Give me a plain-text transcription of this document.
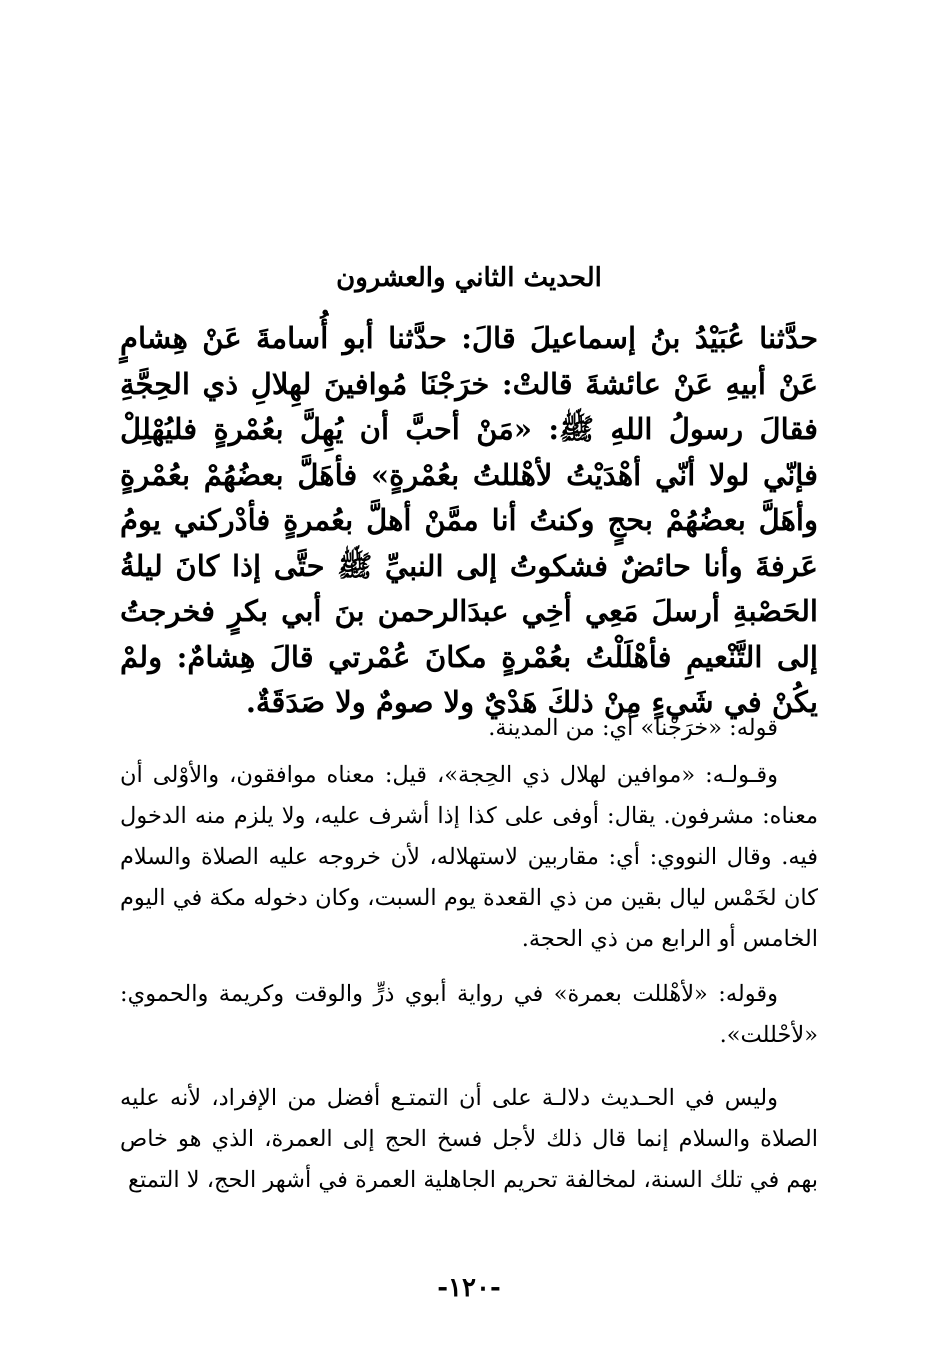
الحديث الثاني والعشرون
حدَّثنا عُبَيْدُ بنُ إسماعيلَ قالَ: حدَّثنا أبو أُسامةَ عَنْ هِشامٍ عَنْ أبيهِ عَنْ عائشةَ قالتْ: خرَجْنَا مُوافينَ لهِلالِ ذي الحِجَّةِ فقالَ رسولُ اللهِ ﷺ: «مَنْ أحبَّ أن يُهِلَّ بعُمْرةٍ فليُهْلِلْ فإنّي لولا أنّي أهْدَيْتُ لأهْللتُ بعُمْرةٍ» فأهَلَّ بعضُهُمْ بعُمْرةٍ وأهَلَّ بعضُهُمْ بحجٍ وكنتُ أنا ممَّنْ أهلَّ بعُمرةٍ فأدْركني يومُ عَرفةَ وأنا حائضٌ فشكوتُ إلى النبيِّ ﷺ حتَّى إذا كانَ ليلةُ الحَصْبةِ أرسلَ مَعِي أخِي عبدَالرحمن بنَ أبي بكرٍ فخرجتُ إلى التَّنْعيمِ فأهْلَلْتُ بعُمْرةٍ مكانَ عُمْرتي قالَ هِشامٌ: ولمْ يكُنْ في شَيءٍ مِنْ ذلكَ هَدْيٌ ولا صومٌ ولا صَدَقَةٌ.

قوله: «خرَجْنا» أي: من المدينة.

وقـولـه: «موافين لهلال ذي الحِجة»، قيل: معناه موافقون، والأوْلى أن معناه: مشرفون. يقال: أوفى على كذا إذا أشرف عليه، ولا يلزم منه الدخول فيه. وقال النووي: أي: مقاربين لاستهلاله، لأن خروجه عليه الصلاة والسلام كان لخَمْس ليال بقين من ذي القعدة يوم السبت، وكان دخوله مكة في اليوم الخامس أو الرابع من ذي الحجة.

وقوله: «لأهْللت بعمرة» في رواية أبوي ذرٍّ والوقت وكريمة والحموي: «لأحْللت».

وليس في الحـديث دلالـة على أن التمتـع أفضل من الإفراد، لأنه عليه الصلاة والسلام إنما قال ذلك لأجل فسخ الحج إلى العمرة، الذي هو خاص بهم في تلك السنة، لمخالفة تحريم الجاهلية العمرة في أشهر الحج، لا التمتع

-١٢٠-
